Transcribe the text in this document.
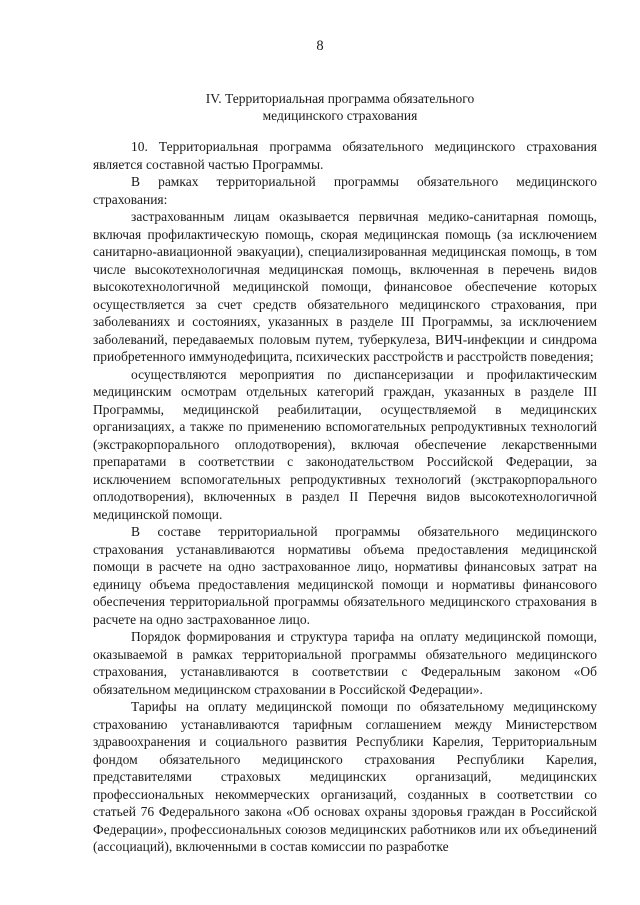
8
IV. Территориальная программа обязательного
медицинского страхования

10. Территориальная программа обязательного медицинского страхования является составной частью Программы.

В рамках территориальной программы обязательного медицинского страхования:

застрахованным лицам оказывается первичная медико-санитарная помощь, включая профилактическую помощь, скорая медицинская помощь (за исключением санитарно-авиационной эвакуации), специализированная медицинская помощь, в том числе высокотехнологичная медицинская помощь, включенная в перечень видов высокотехнологичной медицинской помощи, финансовое обеспечение которых осуществляется за счет средств обязательного медицинского страхования, при заболеваниях и состояниях, указанных в разделе III Программы, за исключением заболеваний, передаваемых половым путем, туберкулеза, ВИЧ-инфекции и синдрома приобретенного иммунодефицита, психических расстройств и расстройств поведения;

осуществляются мероприятия по диспансеризации и профилактическим медицинским осмотрам отдельных категорий граждан, указанных в разделе III Программы, медицинской реабилитации, осуществляемой в медицинских организациях, а также по применению вспомогательных репродуктивных технологий (экстракорпорального оплодотворения), включая обеспечение лекарственными препаратами в соответствии с законодательством Российской Федерации, за исключением вспомогательных репродуктивных технологий (экстракорпорального оплодотворения), включенных в раздел II Перечня видов высокотехнологичной медицинской помощи.

В составе территориальной программы обязательного медицинского страхования устанавливаются нормативы объема предоставления медицинской помощи в расчете на одно застрахованное лицо, нормативы финансовых затрат на единицу объема предоставления медицинской помощи и нормативы финансового обеспечения территориальной программы обязательного медицинского страхования в расчете на одно застрахованное лицо.

Порядок формирования и структура тарифа на оплату медицинской помощи, оказываемой в рамках территориальной программы обязательного медицинского страхования, устанавливаются в соответствии с Федеральным законом «Об обязательном медицинском страховании в Российской Федерации».

Тарифы на оплату медицинской помощи по обязательному медицинскому страхованию устанавливаются тарифным соглашением между Министерством здравоохранения и социального развития Республики Карелия, Территориальным фондом обязательного медицинского страхования Республики Карелия, представителями страховых медицинских организаций, медицинских профессиональных некоммерческих организаций, созданных в соответствии со статьей 76 Федерального закона «Об основах охраны здоровья граждан в Российской Федерации», профессиональных союзов медицинских работников или их объединений (ассоциаций), включенными в состав комиссии по разработке
